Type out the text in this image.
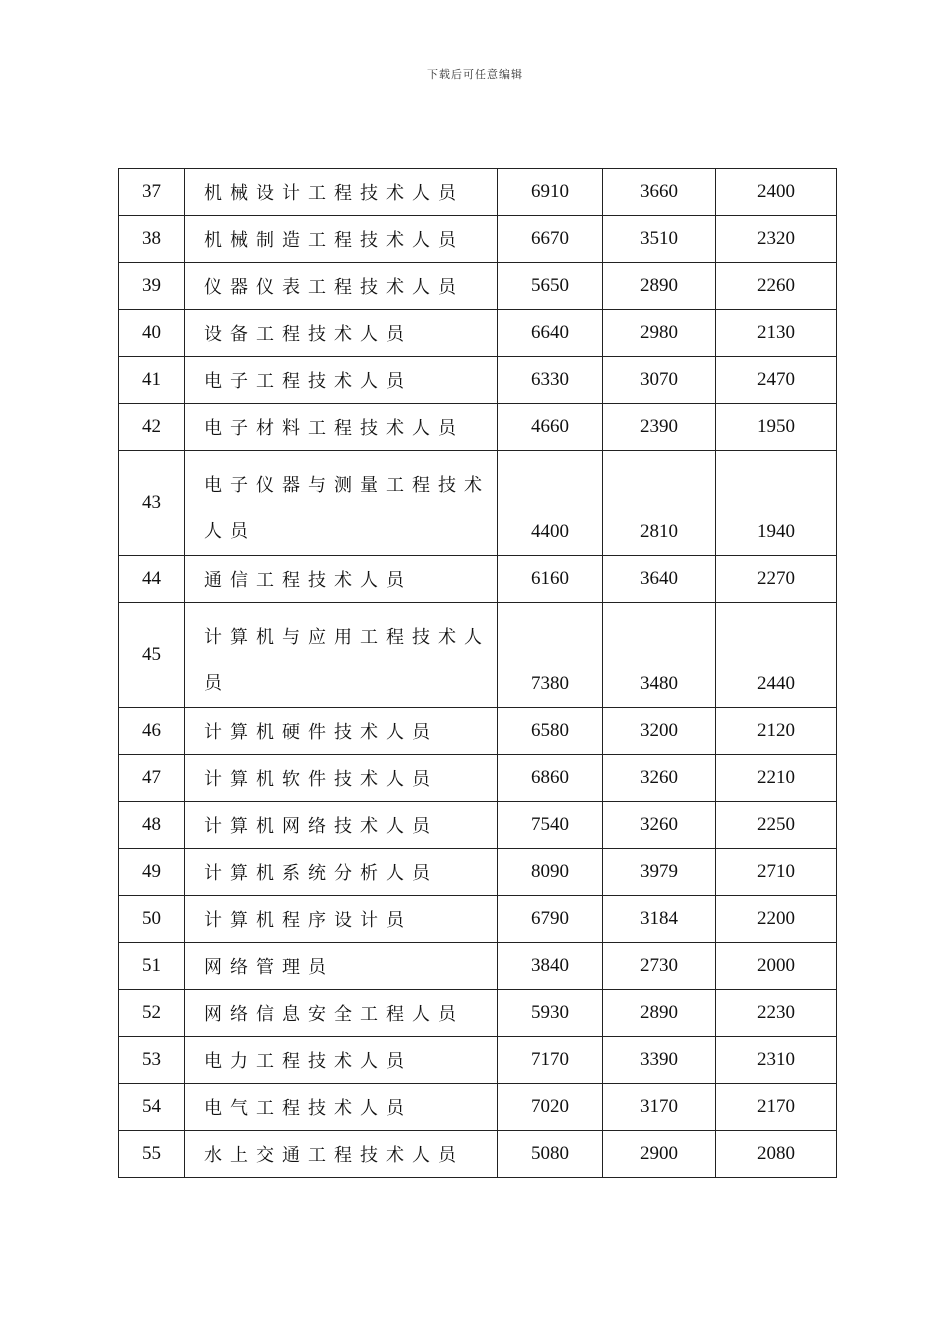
下载后可任意编辑
37	机械设计工程技术人员	6910	3660	2400
38	机械制造工程技术人员	6670	3510	2320
39	仪器仪表工程技术人员	5650	2890	2260
40	设备工程技术人员	6640	2980	2130
41	电子工程技术人员	6330	3070	2470
42	电子材料工程技术人员	4660	2390	1950
43	电子仪器与测量工程技术人员	4400	2810	1940
44	通信工程技术人员	6160	3640	2270
45	计算机与应用工程技术人员	7380	3480	2440
46	计算机硬件技术人员	6580	3200	2120
47	计算机软件技术人员	6860	3260	2210
48	计算机网络技术人员	7540	3260	2250
49	计算机系统分析人员	8090	3979	2710
50	计算机程序设计员	6790	3184	2200
51	网络管理员	3840	2730	2000
52	网络信息安全工程人员	5930	2890	2230
53	电力工程技术人员	7170	3390	2310
54	电气工程技术人员	7020	3170	2170
55	水上交通工程技术人员	5080	2900	2080
